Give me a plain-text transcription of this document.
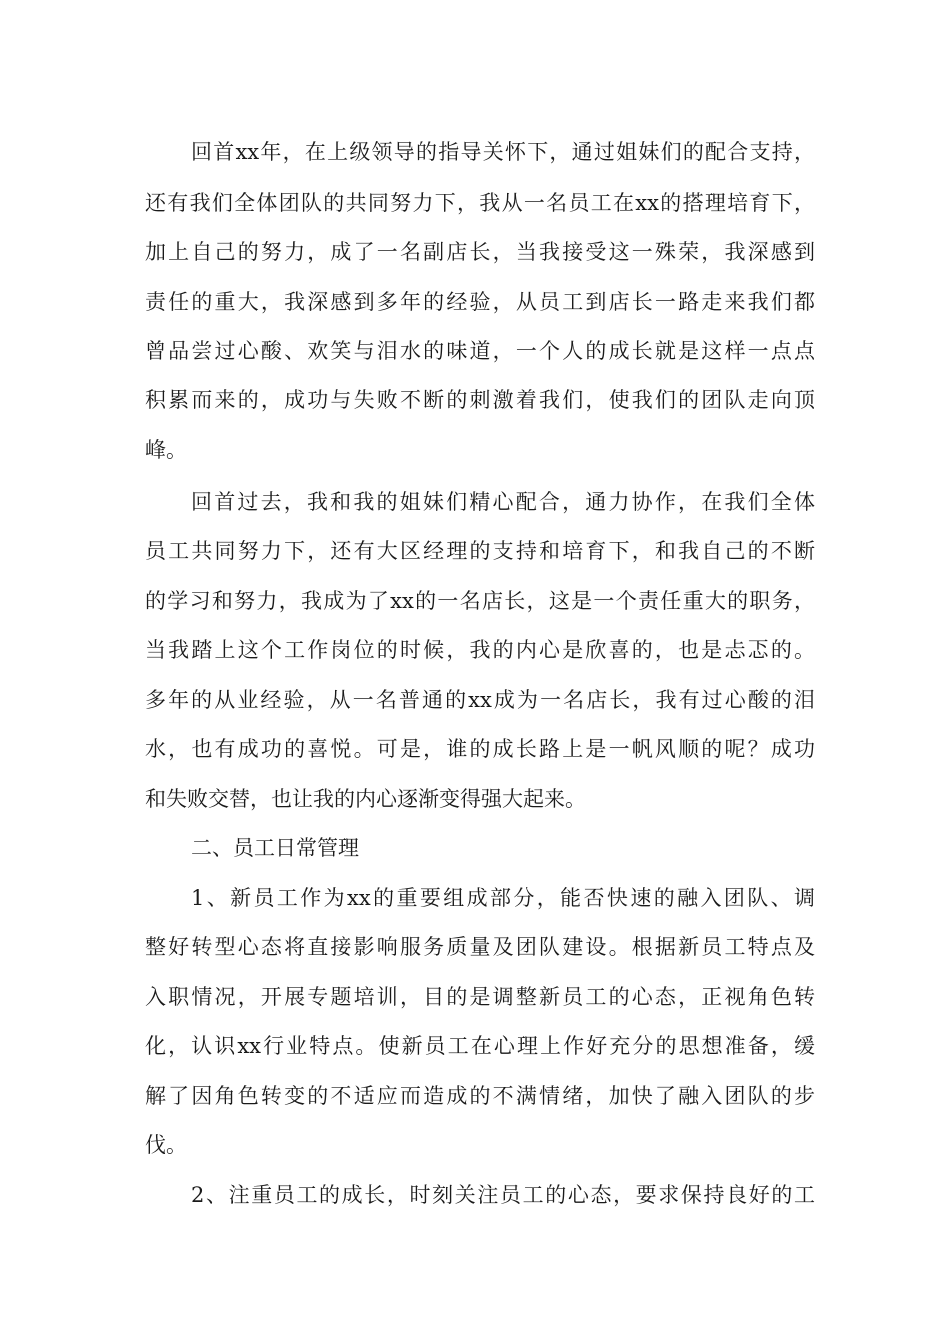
回首xx年，在上级领导的指导关怀下，通过姐妹们的配合支持，
还有我们全体团队的共同努力下，我从一名员工在xx的搭理培育下，
加上自己的努力，成了一名副店长，当我接受这一殊荣，我深感到
责任的重大，我深感到多年的经验，从员工到店长一路走来我们都
曾品尝过心酸、欢笑与泪水的味道，一个人的成长就是这样一点点
积累而来的，成功与失败不断的刺激着我们，使我们的团队走向顶
峰。
回首过去，我和我的姐妹们精心配合，通力协作，在我们全体
员工共同努力下，还有大区经理的支持和培育下，和我自己的不断
的学习和努力，我成为了xx的一名店长，这是一个责任重大的职务，
当我踏上这个工作岗位的时候，我的内心是欣喜的，也是忐忑的。
多年的从业经验，从一名普通的xx成为一名店长，我有过心酸的泪
水，也有成功的喜悦。可是，谁的成长路上是一帆风顺的呢？成功
和失败交替，也让我的内心逐渐变得强大起来。
二、员工日常管理
1、新员工作为xx的重要组成部分，能否快速的融入团队、调
整好转型心态将直接影响服务质量及团队建设。根据新员工特点及
入职情况，开展专题培训，目的是调整新员工的心态，正视角色转
化，认识xx行业特点。使新员工在心理上作好充分的思想准备，缓
解了因角色转变的不适应而造成的不满情绪，加快了融入团队的步
伐。
2、注重员工的成长，时刻关注员工的心态，要求保持良好的工
